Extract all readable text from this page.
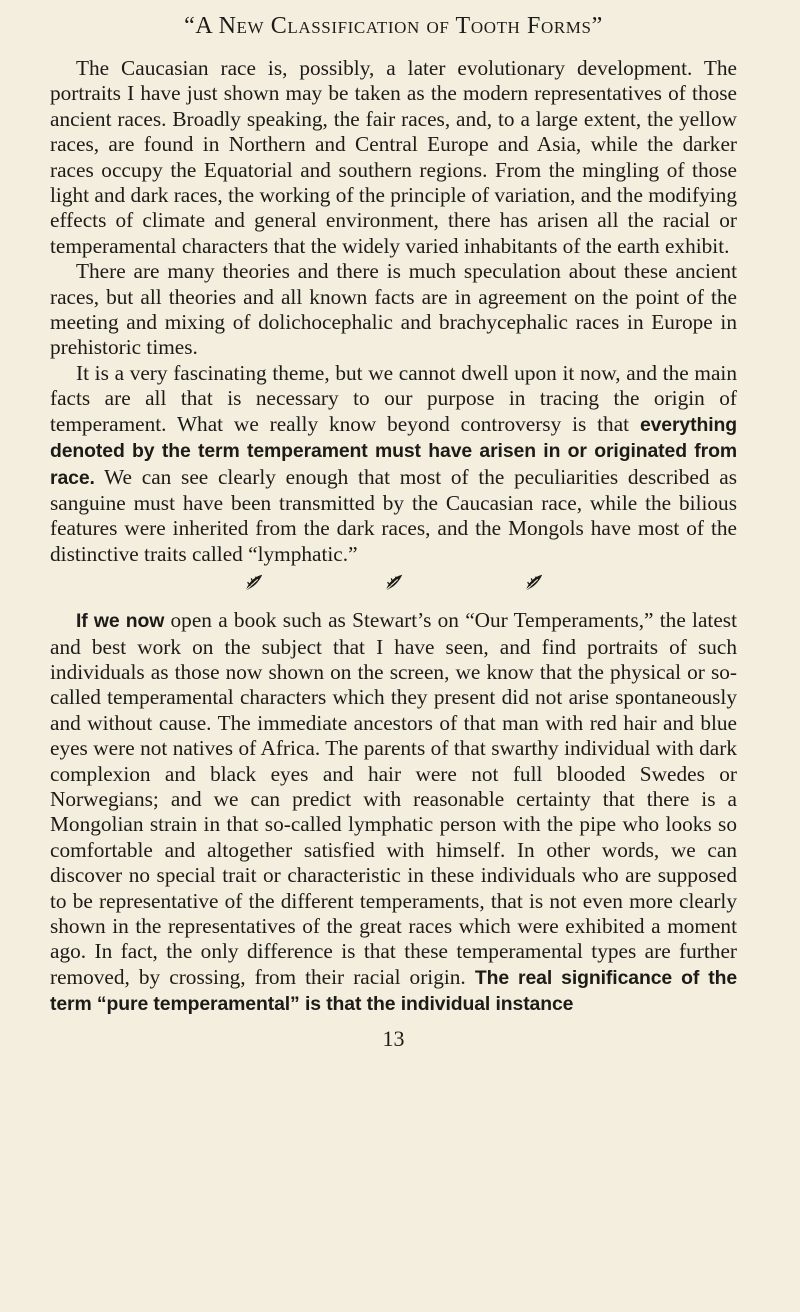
“A New Classification of Tooth Forms”

The Caucasian race is, possibly, a later evolutionary development. The portraits I have just shown may be taken as the modern representatives of those ancient races. Broadly speaking, the fair races, and, to a large extent, the yellow races, are found in Northern and Central Europe and Asia, while the darker races occupy the Equatorial and southern regions. From the mingling of those light and dark races, the working of the principle of variation, and the modifying effects of climate and general environment, there has arisen all the racial or temperamental characters that the widely varied inhabitants of the earth exhibit.

There are many theories and there is much speculation about these ancient races, but all theories and all known facts are in agreement on the point of the meeting and mixing of dolichocephalic and brachycephalic races in Europe in prehistoric times.

It is a very fascinating theme, but we cannot dwell upon it now, and the main facts are all that is necessary to our purpose in tracing the origin of temperament. What we really know beyond controversy is that everything denoted by the term temperament must have arisen in or originated from race. We can see clearly enough that most of the peculiarities described as sanguine must have been transmitted by the Caucasian race, while the bilious features were inherited from the dark races, and the Mongols have most of the distinctive traits called “lymphatic.”

If we now open a book such as Stewart’s on “Our Temperaments,” the latest and best work on the subject that I have seen, and find portraits of such individuals as those now shown on the screen, we know that the physical or so-called temperamental characters which they present did not arise spontaneously and without cause. The immediate ancestors of that man with red hair and blue eyes were not natives of Africa. The parents of that swarthy individual with dark complexion and black eyes and hair were not full blooded Swedes or Norwegians; and we can predict with reasonable certainty that there is a Mongolian strain in that so-called lymphatic person with the pipe who looks so comfortable and altogether satisfied with himself. In other words, we can discover no special trait or characteristic in these individuals who are supposed to be representative of the different temperaments, that is not even more clearly shown in the representatives of the great races which were exhibited a moment ago. In fact, the only difference is that these temperamental types are further removed, by crossing, from their racial origin. The real significance of the term “pure temperamental” is that the individual instance

13
